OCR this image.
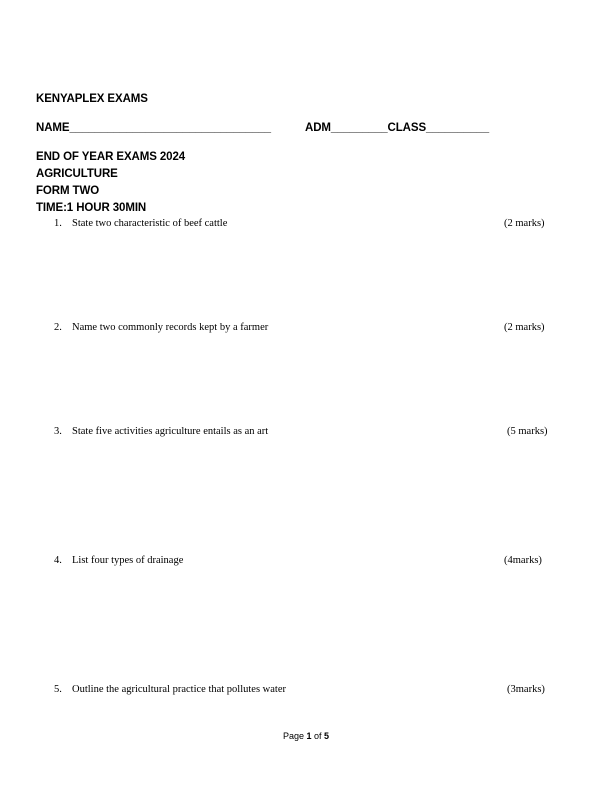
KENYAPLEX EXAMS
NAME________________________________	ADM_________CLASS__________
END OF YEAR EXAMS 2024
AGRICULTURE
FORM TWO
TIME:1 HOUR 30MIN
1. State two characteristic of beef cattle	(2 marks)
2. Name two commonly records kept by a farmer	(2 marks)
3. State five activities agriculture entails as an art	(5 marks)
4. List four types of drainage	(4marks)
5. Outline the agricultural practice that pollutes water	(3marks)
Page 1 of 5
